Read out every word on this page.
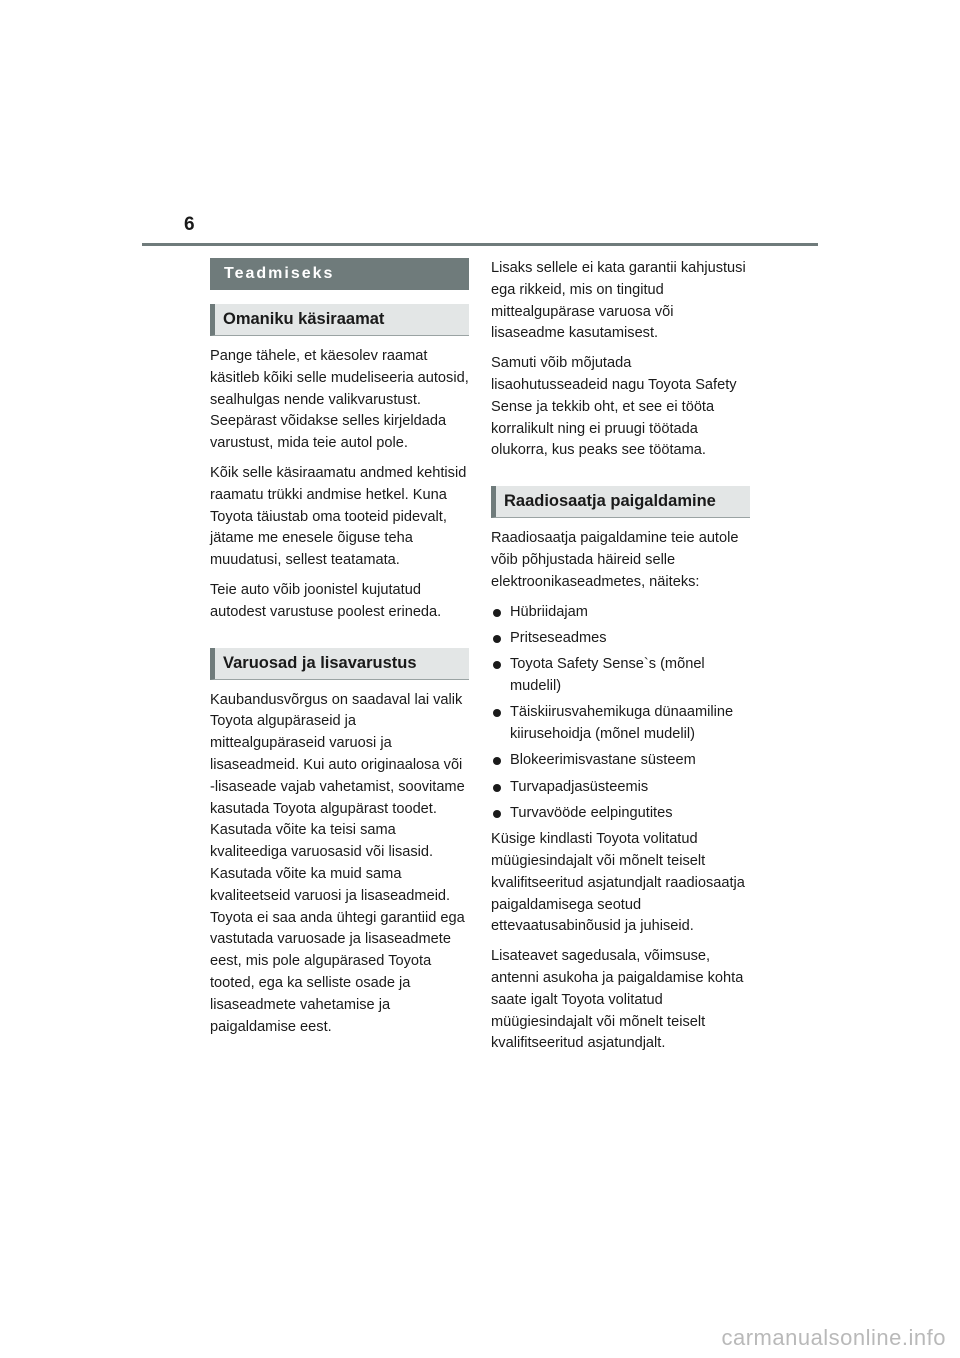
6
Teadmiseks
Omaniku käsiraamat

Pange tähele, et käesolev raamat käsitleb kõiki selle mudeliseeria autosid, sealhulgas nende valikvarustust. Seepärast võidakse selles kirjeldada varustust, mida teie autol pole.

Kõik selle käsiraamatu andmed kehtisid raamatu trükki andmise hetkel. Kuna Toyota täiustab oma tooteid pidevalt, jätame me enesele õiguse teha muudatusi, sellest teatamata.

Teie auto võib joonistel kujutatud autodest varustuse poolest erineda.

Varuosad ja lisavarustus

Kaubandusvõrgus on saadaval lai valik Toyota algupäraseid ja mittealgupäraseid varuosi ja lisaseadmeid. Kui auto originaalosa või -lisaseade vajab vahetamist, soovitame kasutada Toyota algupärast toodet. Kasutada võite ka teisi sama kvaliteediga varuosasid või lisasid. Kasutada võite ka muid sama kvaliteetseid varuosi ja lisaseadmeid. Toyota ei saa anda ühtegi garantiid ega vastutada varuosade ja lisaseadmete eest, mis pole algupärased Toyota tooted, ega ka selliste osade ja lisaseadmete vahetamise ja paigaldamise eest.

Lisaks sellele ei kata garantii kahjustusi ega rikkeid, mis on tingitud mittealgupärase varuosa või lisaseadme kasutamisest.

Samuti võib mõjutada lisaohutusseadeid nagu Toyota Safety Sense ja tekkib oht, et see ei tööta korralikult ning ei pruugi töötada olukorra, kus peaks see töötama.

Raadiosaatja paigaldamine

Raadiosaatja paigaldamine teie autole võib põhjustada häireid selle elektroonikaseadmetes, näiteks:

Hübriidajam
Pritseseadmes
Toyota Safety Sense`s (mõnel mudelil)
Täiskiirusvahemikuga dünaamiline kiirusehoidja (mõnel mudelil)
Blokeerimisvastane süsteem
Turvapadjasüsteemis
Turvavööde eelpingutites

Küsige kindlasti Toyota volitatud müügiesindajalt või mõnelt teiselt kvalifitseeritud asjatundjalt raadiosaatja paigaldamisega seotud ettevaatusabinõusid ja juhiseid.

Lisateavet sagedusala, võimsuse, antenni asukoha ja paigaldamise kohta saate igalt Toyota volitatud müügiesindajalt või mõnelt teiselt kvalifitseeritud asjatundjalt.

carmanualsonline.info
